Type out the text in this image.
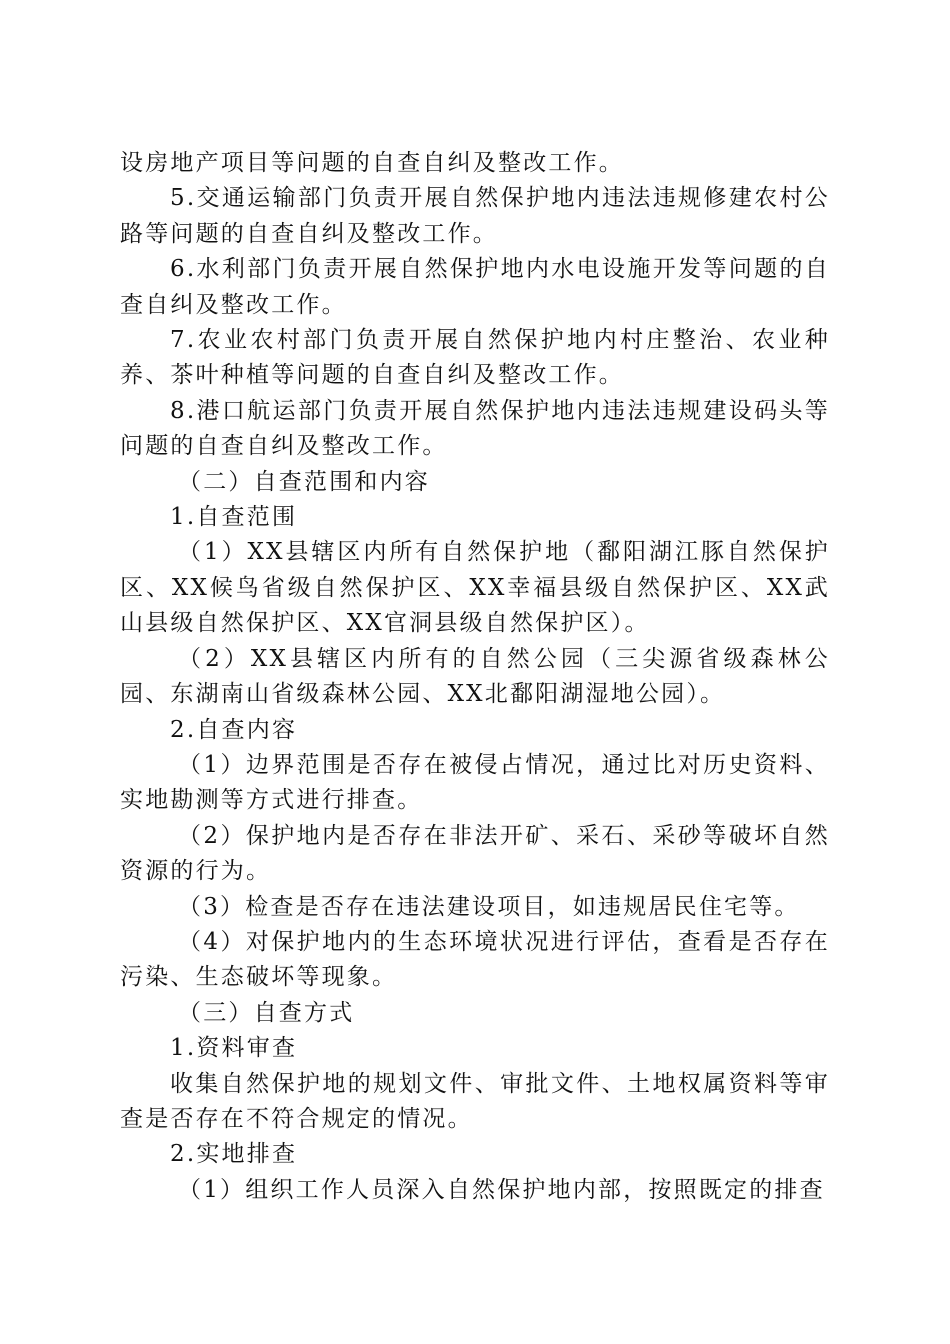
设房地产项目等问题的自查自纠及整改工作。

5.交通运输部门负责开展自然保护地内违法违规修建农村公路等问题的自查自纠及整改工作。

6.水利部门负责开展自然保护地内水电设施开发等问题的自查自纠及整改工作。

7.农业农村部门负责开展自然保护地内村庄整治、农业种养、茶叶种植等问题的自查自纠及整改工作。

8.港口航运部门负责开展自然保护地内违法违规建设码头等问题的自查自纠及整改工作。

（二）自查范围和内容

1.自查范围

（1）XX县辖区内所有自然保护地（鄱阳湖江豚自然保护区、XX候鸟省级自然保护区、XX幸福县级自然保护区、XX武山县级自然保护区、XX官洞县级自然保护区）。

（2）XX县辖区内所有的自然公园（三尖源省级森林公园、东湖南山省级森林公园、XX北鄱阳湖湿地公园）。

2.自查内容

（1）边界范围是否存在被侵占情况，通过比对历史资料、实地勘测等方式进行排查。

（2）保护地内是否存在非法开矿、采石、采砂等破坏自然资源的行为。

（3）检查是否存在违法建设项目，如违规居民住宅等。

（4）对保护地内的生态环境状况进行评估，查看是否存在污染、生态破坏等现象。

（三）自查方式

1.资料审查

收集自然保护地的规划文件、审批文件、土地权属资料等审查是否存在不符合规定的情况。

2.实地排查

（1）组织工作人员深入自然保护地内部，按照既定的排查
